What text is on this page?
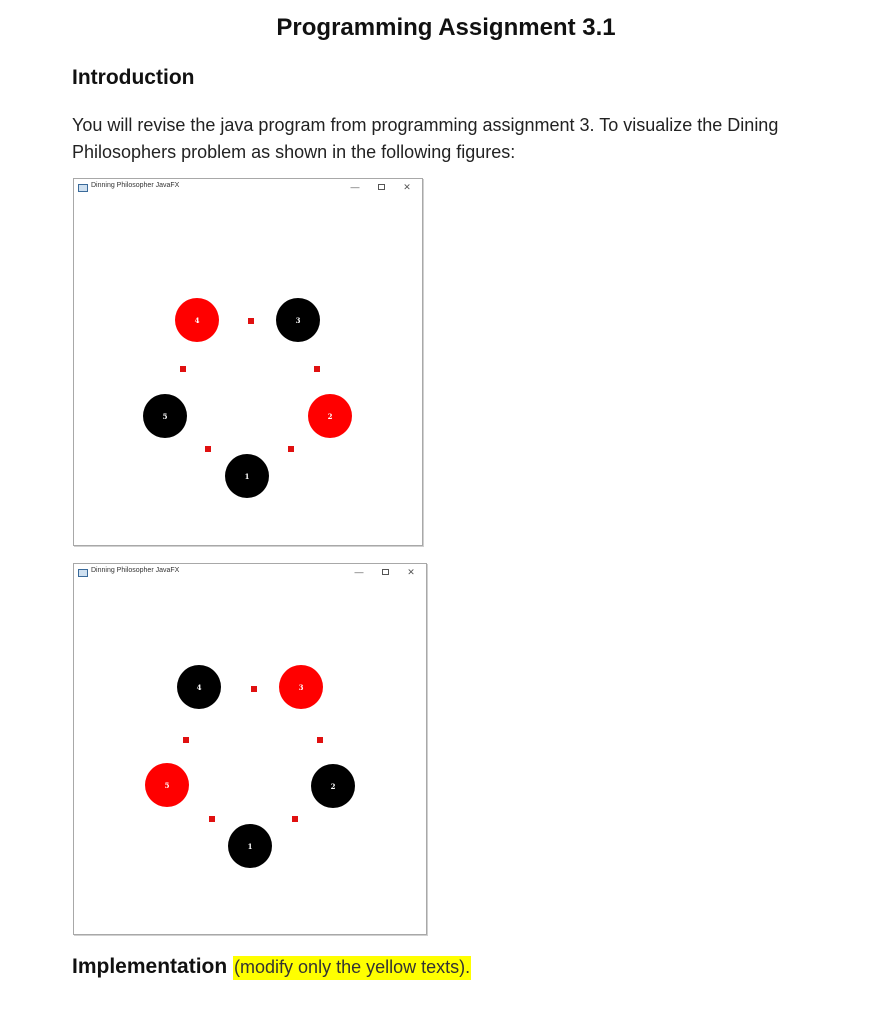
Programming Assignment 3.1
Introduction

You will revise the java program from programming assignment 3. To visualize the Dining Philosophers problem as shown in the following figures:

Dinning Philosopher JavaFX	—	✕
1
2
3
4
5
Dinning Philosopher JavaFX	—	✕
1
2
3
4
5
Implementation (modify only the yellow texts).
